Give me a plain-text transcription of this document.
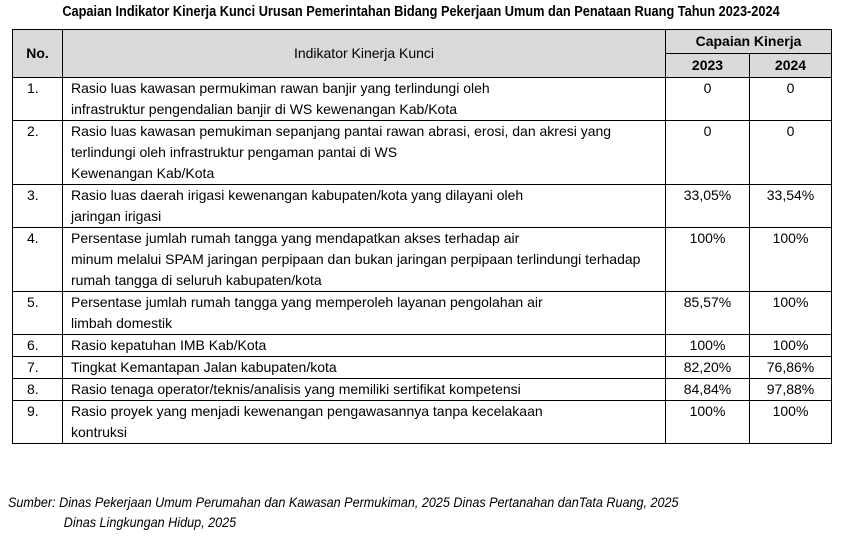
Capaian Indikator Kinerja Kunci Urusan Pemerintahan Bidang Pekerjaan Umum dan Penataan Ruang Tahun 2023-2024
No.	Indikator Kinerja Kunci	Capaian Kinerja	
		2023	2024
1.	Rasio luas kawasan permukiman rawan banjir yang terlindungi oleh
infrastruktur pengendalian banjir di WS kewenangan Kab/Kota	0	0
2.	Rasio luas kawasan pemukiman sepanjang pantai rawan abrasi, erosi, dan akresi yang
terlindungi oleh infrastruktur pengaman pantai di WS
Kewenangan Kab/Kota	0	0
3.	Rasio luas daerah irigasi kewenangan kabupaten/kota yang dilayani oleh
jaringan irigasi	33,05%	33,54%
4.	Persentase jumlah rumah tangga yang mendapatkan akses terhadap air
minum melalui SPAM jaringan perpipaan dan bukan jaringan perpipaan terlindungi terhadap
rumah tangga di seluruh kabupaten/kota	100%	100%
5.	Persentase jumlah rumah tangga yang memperoleh layanan pengolahan air
limbah domestik	85,57%	100%
6.	Rasio kepatuhan IMB Kab/Kota	100%	100%
7.	Tingkat Kemantapan Jalan kabupaten/kota	82,20%	76,86%
8.	Rasio tenaga operator/teknis/analisis yang memiliki sertifikat kompetensi	84,84%	97,88%
9.	Rasio proyek yang menjadi kewenangan pengawasannya tanpa kecelakaan
kontruksi	100%	100%
Sumber: Dinas Pekerjaan Umum Perumahan dan Kawasan Permukiman, 2025 Dinas Pertanahan danTata Ruang, 2025
Dinas Lingkungan Hidup, 2025
